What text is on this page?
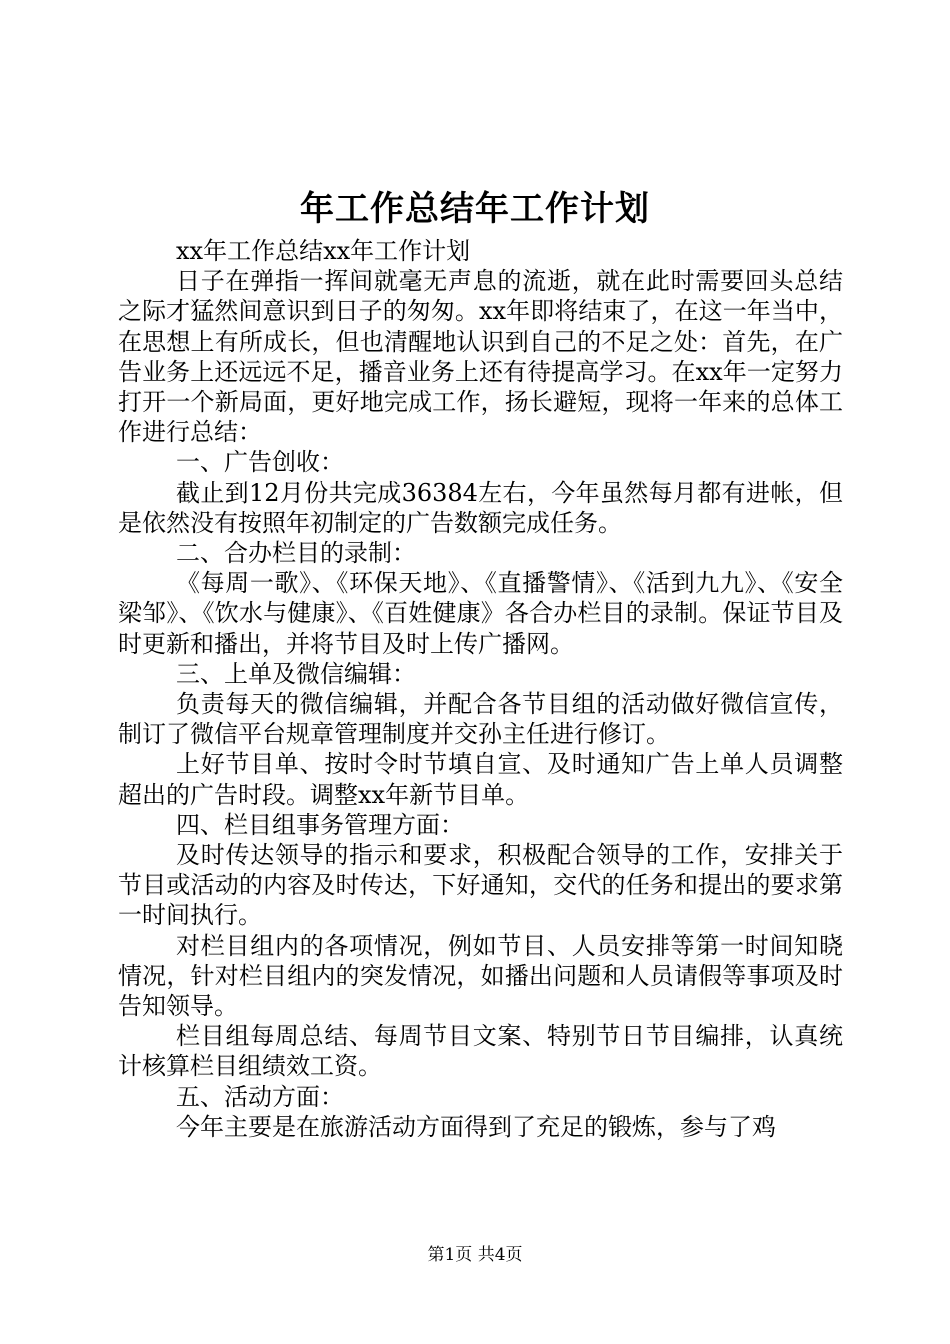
年工作总结年工作计划

xx年工作总结xx年工作计划

日子在弹指一挥间就毫无声息的流逝，就在此时需要回头总结之际才猛然间意识到日子的匆匆。xx年即将结束了，在这一年当中，在思想上有所成长，但也清醒地认识到自己的不足之处：首先，在广告业务上还远远不足，播音业务上还有待提高学习。在xx年一定努力打开一个新局面，更好地完成工作，扬长避短，现将一年来的总体工作进行总结：

一、广告创收：

截止到12月份共完成36384左右，今年虽然每月都有进帐，但是依然没有按照年初制定的广告数额完成任务。

二、合办栏目的录制：

《每周一歌》、《环保天地》、《直播警情》、《活到九九》、《安全梁邹》、《饮水与健康》、《百姓健康》各合办栏目的录制。保证节目及时更新和播出，并将节目及时上传广播网。

三、上单及微信编辑：

负责每天的微信编辑，并配合各节目组的活动做好微信宣传，制订了微信平台规章管理制度并交孙主任进行修订。

上好节目单、按时令时节填自宣、及时通知广告上单人员调整超出的广告时段。调整xx年新节目单。

四、栏目组事务管理方面：

及时传达领导的指示和要求，积极配合领导的工作，安排关于节目或活动的内容及时传达，下好通知，交代的任务和提出的要求第一时间执行。

对栏目组内的各项情况，例如节目、人员安排等第一时间知晓情况，针对栏目组内的突发情况，如播出问题和人员请假等事项及时告知领导。

栏目组每周总结、每周节目文案、特别节日节目编排，认真统计核算栏目组绩效工资。

五、活动方面：

今年主要是在旅游活动方面得到了充足的锻炼，参与了鸡

第1页 共4页
